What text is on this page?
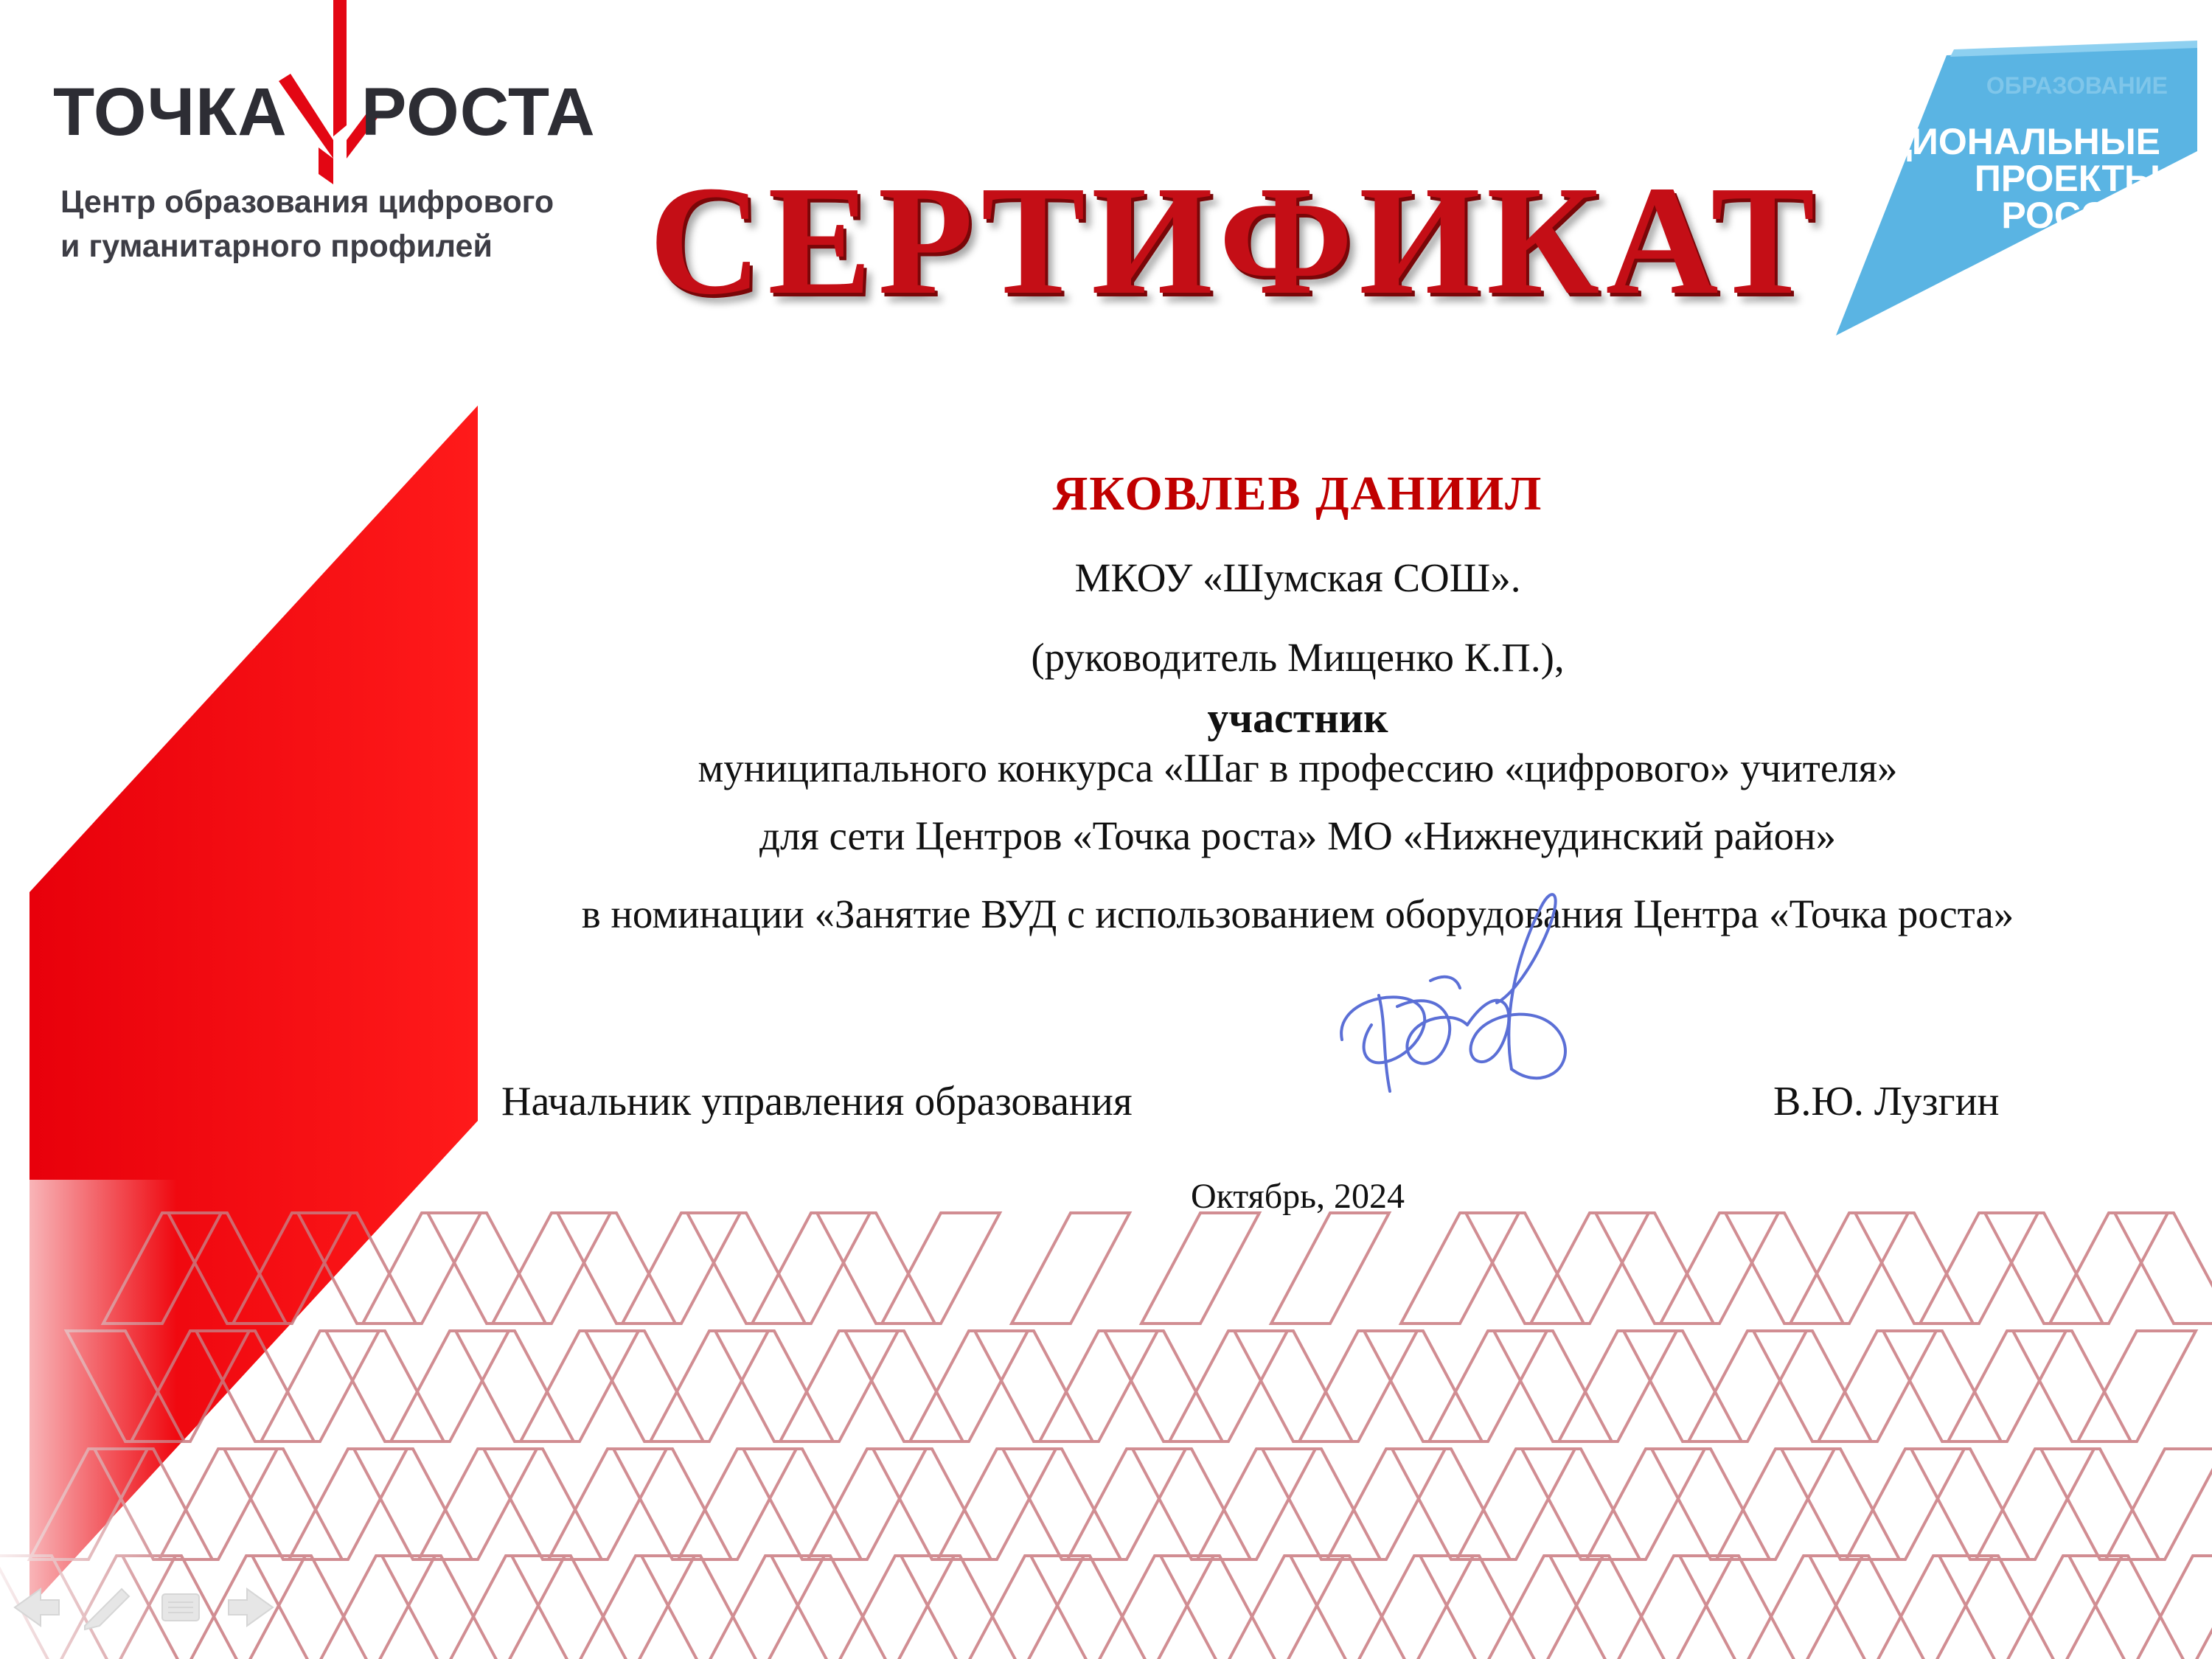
ТОЧКА РОСТА
Центр образования цифрового
и гуманитарного профилей СЕРТИФИКАТ
ОБРАЗОВАНИЕ
НАЦИОНАЛЬНЫЕ
ПРОЕКТЫ
РОССИИ
ЯКОВЛЕВ ДАНИИЛ
МКОУ «Шумская СОШ».
(руководитель Мищенко К.П.),
участник
муниципального конкурса «Шаг в профессию «цифрового» учителя»
для сети Центров «Точка роста» МО «Нижнеудинский район»
в номинации «Занятие ВУД с использованием оборудования Центра «Точка роста»
Начальник управления образования	В.Ю. Лузгин
Октябрь, 2024
